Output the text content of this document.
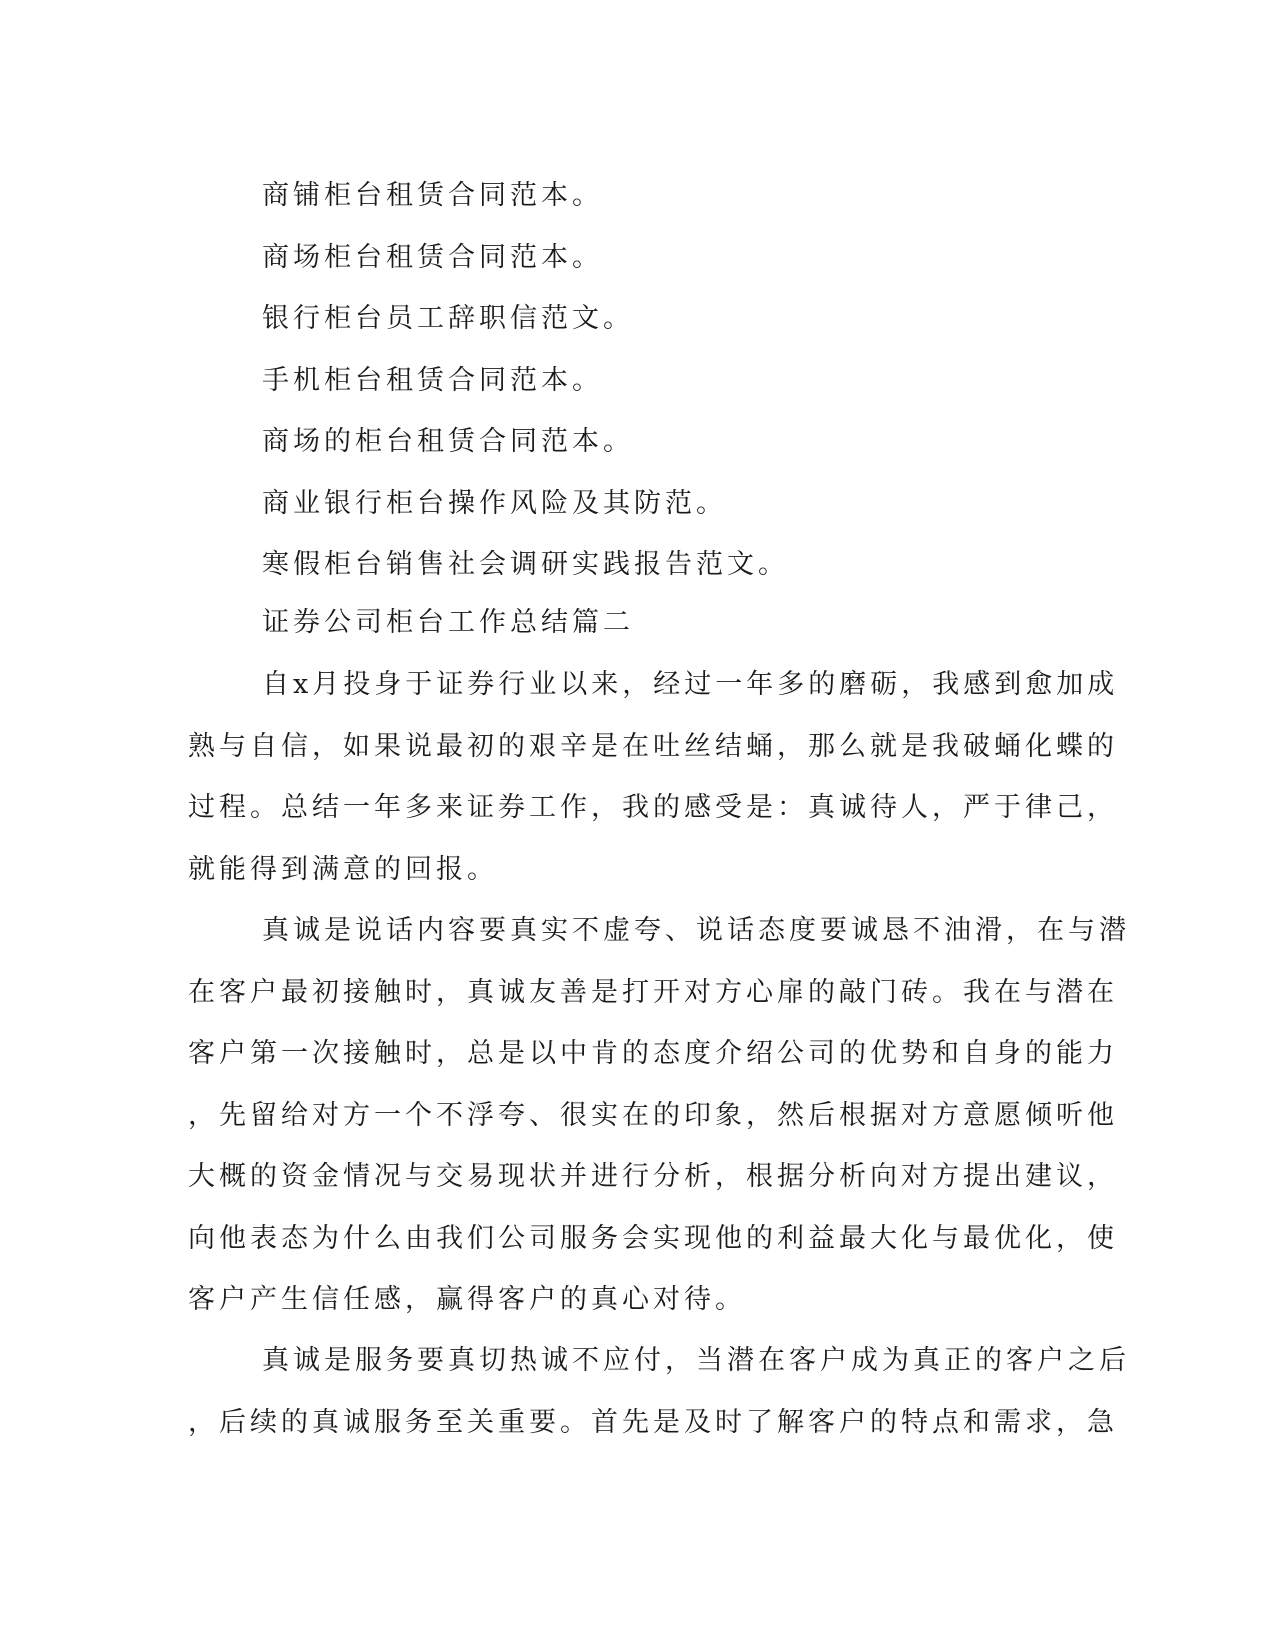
商铺柜台租赁合同范本。
商场柜台租赁合同范本。
银行柜台员工辞职信范文。
手机柜台租赁合同范本。
商场的柜台租赁合同范本。
商业银行柜台操作风险及其防范。
寒假柜台销售社会调研实践报告范文。
证券公司柜台工作总结篇二

自x月投身于证券行业以来，经过一年多的磨砺，我感到愈加成
熟与自信，如果说最初的艰辛是在吐丝结蛹，那么就是我破蛹化蝶的
过程。总结一年多来证券工作，我的感受是：真诚待人，严于律己，
就能得到满意的回报。

真诚是说话内容要真实不虚夸、说话态度要诚恳不油滑，在与潜
在客户最初接触时，真诚友善是打开对方心扉的敲门砖。我在与潜在
客户第一次接触时，总是以中肯的态度介绍公司的优势和自身的能力
，先留给对方一个不浮夸、很实在的印象，然后根据对方意愿倾听他
大概的资金情况与交易现状并进行分析，根据分析向对方提出建议，
向他表态为什么由我们公司服务会实现他的利益最大化与最优化，使
客户产生信任感，赢得客户的真心对待。

真诚是服务要真切热诚不应付，当潜在客户成为真正的客户之后
，后续的真诚服务至关重要。首先是及时了解客户的特点和需求，急
